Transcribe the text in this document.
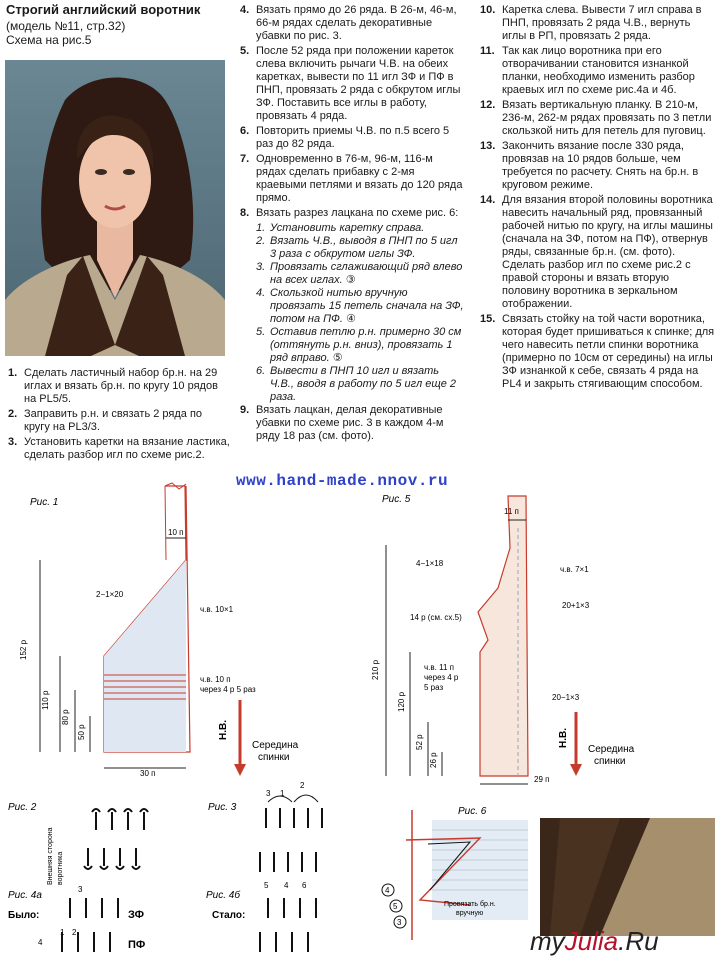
Строгий английский воротник
(модель №11, стр.32)
Схема на рис.5
1. Сделать ластичный набор бр.н. на 29 иглах и вязать бр.н. по кругу 10 рядов на PL5/5.
2. Заправить р.н. и связать 2 ряда по кругу на PL3/3.
3. Установить каретки на вязание ластика, сделать разбор игл по схеме рис.2.
4. Вязать прямо до 26 ряда. В 26-м, 46-м, 66-м рядах сделать декоративные убавки по рис. 3.
5. После 52 ряда при положении кареток слева включить рычаги Ч.В. на обеих каретках, вывести по 11 игл ЗФ и ПФ в ПНП, провязать 2 ряда с обкрутом иглы ЗФ. Поставить все иглы в работу, провязать 4 ряда.
6. Повторить приемы Ч.В. по п.5 всего 5 раз до 82 ряда.
7. Одновременно в 76-м, 96-м, 116-м рядах сделать прибавку с 2-мя краевыми петлями и вязать до 120 ряда прямо.
8. Вязать разрез лацкана по схеме рис. 6:
1. Установить каретку справа.
2. Вязать Ч.В., выводя в ПНП по 5 игл 3 раза с обкрутом иглы ЗФ.
3. Провязать сглаживающий ряд влево на всех иглах. ③
4. Скользкой нитью вручную провязать 15 петель сначала на ЗФ, потом на ПФ. ④
5. Оставив петлю р.н. примерно 30 см (оттянуть р.н. вниз), провязать 1 ряд вправо. ⑤
6. Вывести в ПНП 10 игл и вязать Ч.В., вводя в работу по 5 игл еще 2 раза.
9. Вязать лацкан, делая декоративные убавки по схеме рис. 3 в каждом 4-м ряду 18 раз (см. фото).
10. Каретка слева. Вывести 7 игл справа в ПНП, провязать 2 ряда Ч.В., вернуть иглы в РП, провязать 2 ряда.
11. Так как лицо воротника при его отворачивании становится изнанкой планки, необходимо изменить разбор краевых игл по схеме рис.4а и 4б.
12. Вязать вертикальную планку. В 210-м, 236-м, 262-м рядах провязать по 3 петли скользкой нить для петель для пуговиц.
13. Закончить вязание после 330 ряда, провязав на 10 рядов больше, чем требуется по расчету. Снять на бр.н. в круговом режиме.
14. Для вязания второй половины воротника навесить начальный ряд, провязанный рабочей нитью по кругу, на иглы машины (сначала на ЗФ, потом на ПФ), отвернув ряды, связанные бр.н. (см. фото). Сделать разбор игл по схеме рис.2 с правой стороны и вязать вторую половину воротника в зеркальном отображении.
15. Связать стойку на той части воротника, которая будет пришиваться к спинке; для чего навесить петли спинки воротника (примерно по 10см от середины) на иглы ЗФ изнанкой к себе, связать 4 ряда на PL4 и закрыть стягивающим способом.
www.hand-made.nnov.ru
Рис. 1
10 п
2−1×20
ч.в. 10×1
152 р
110 р
80 р
50 р
ч.в. 10 п
через 4 р 5 раз
30 п
Н.В.
Середина
спинки
Рис. 5
11 п
ч.в. 7×1
4−1×18
20+1×3
14 р (см. сх.5)
210 р
120 р
ч.в. 11 п
через 4 р
5 раз
20−1×3
52 р
26 р
29 п
Н.В.
Середина
спинки
Рис. 2
Внешняя сторона воротника
Рис. 3
3 1
2
5 4 6
Рис. 4а
Было:	ЗФ
ПФ
3
4
1 2
Рис. 4б
Стало:
Рис. 6
4
5
3
Провязать бр.н.
вручную
myJulia.Ru
